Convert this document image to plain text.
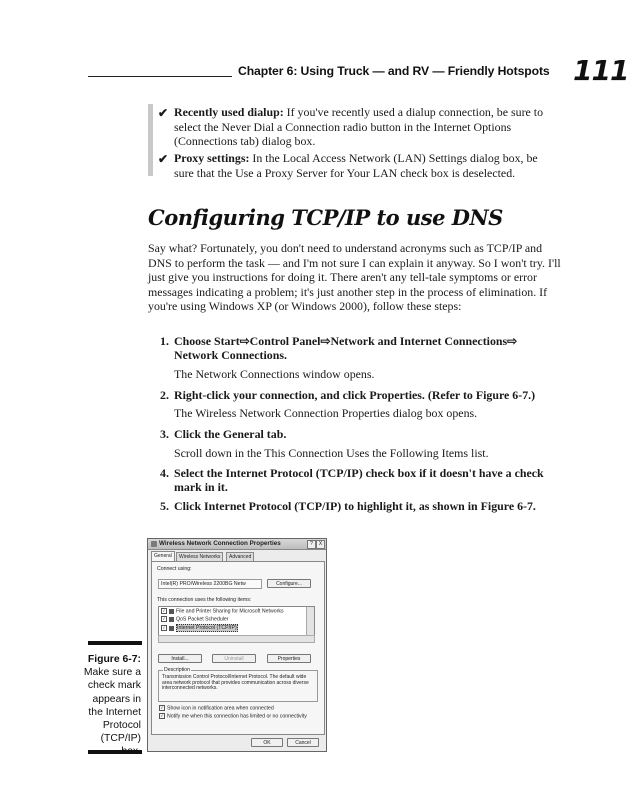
Chapter 6: Using Truck — and RV — Friendly Hotspots 111
✔ Recently used dialup: If you've recently used a dialup connection, be sure to select the Never Dial a Connection radio button in the Internet Options (Connections tab) dialog box.
✔ Proxy settings: In the Local Access Network (LAN) Settings dialog box, be sure that the Use a Proxy Server for Your LAN check box is deselected.
Configuring TCP/IP to use DNS
Say what? Fortunately, you don't need to understand acronyms such as TCP/IP and DNS to perform the task — and I'm not sure I can explain it anyway. So I won't try. I'll just give you instructions for doing it. There aren't any tell-tale symptoms or error messages indicating a problem; it's just another step in the process of elimination. If you're using Windows XP (or Windows 2000), follow these steps:
1. Choose Start⇨Control Panel⇨Network and Internet Connections⇨ Network Connections.
The Network Connections window opens.
2. Right-click your connection, and click Properties. (Refer to Figure 6-7.)
The Wireless Network Connection Properties dialog box opens.
3. Click the General tab.
Scroll down in the This Connection Uses the Following Items list.
4. Select the Internet Protocol (TCP/IP) check box if it doesn't have a check mark in it.
5. Click Internet Protocol (TCP/IP) to highlight it, as shown in Figure 6-7.
Figure 6-7:
Make sure a check mark appears in the Internet Protocol (TCP/IP)
Wireless Network Connection Properties	?	X
General	Wireless Networks	Advanced
Connect using:
Intel(R) PRO/Wireless 2200BG Netw	Configure...
This connection uses the following items:
✓ File and Printer Sharing for Microsoft Networks
✓ QoS Packet Scheduler
✓ Internet Protocol (TCP/IP)
Install...	Uninstall	Properties
Description
Transmission Control Protocol/Internet Protocol. The default wide area network protocol that provides communication across diverse interconnected networks.
✓ Show icon in notification area when connected
✓ Notify me when this connection has limited or no connectivity
OK	Cancel
